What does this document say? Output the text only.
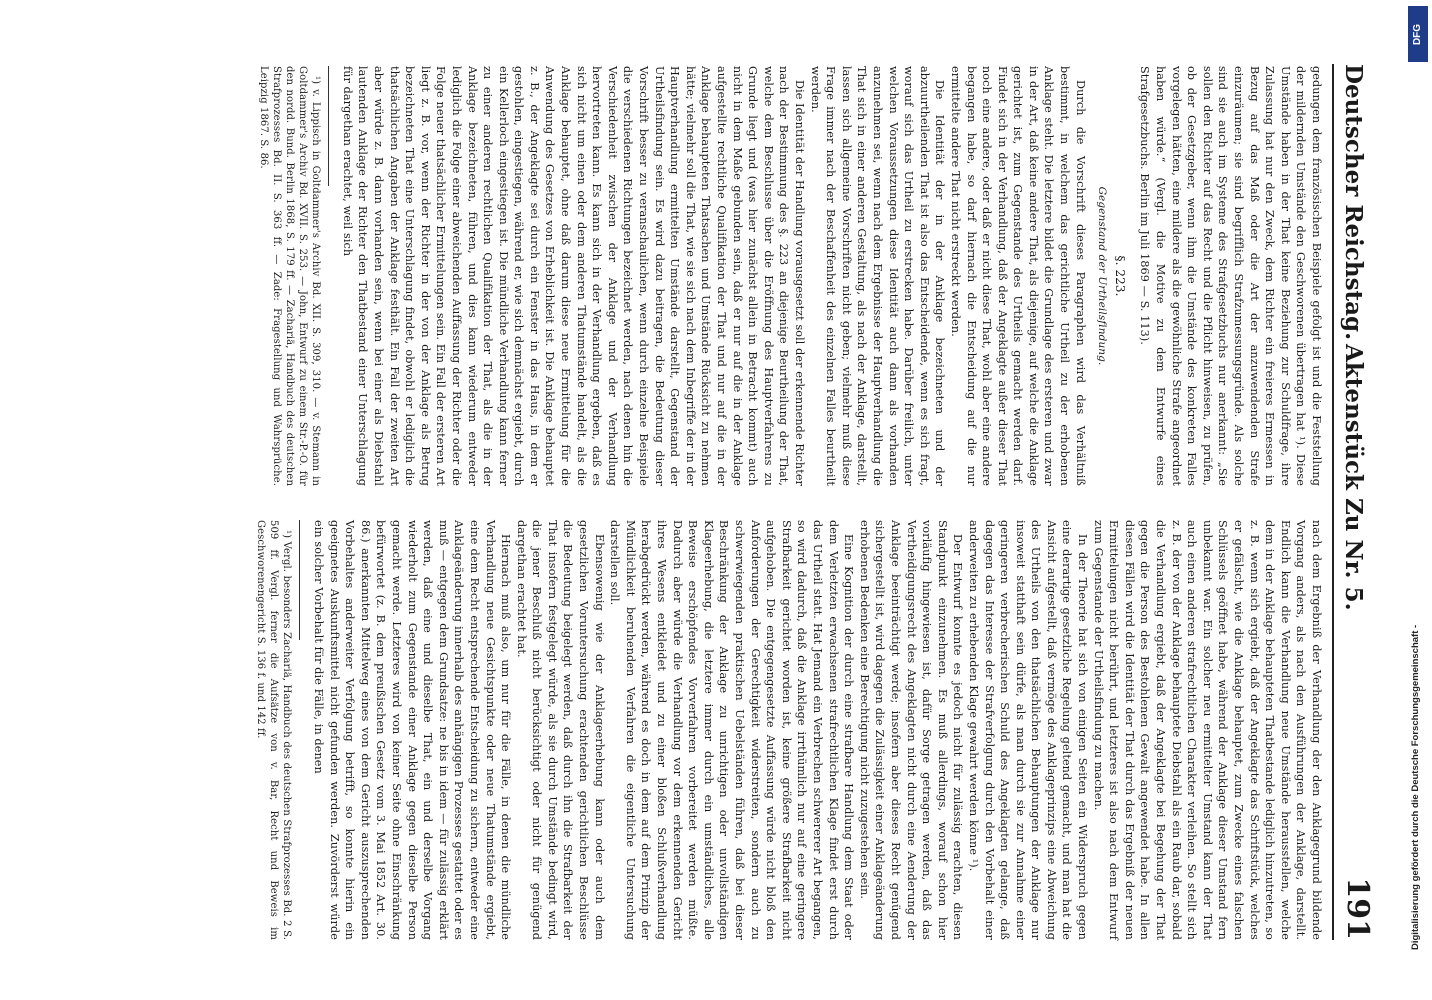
Deutscher Reichstag.
Aktenstück Zu Nr. 5.
191

gedungen dem französischen Beispiele gefolgt ist und die Feststellung der mildernden Umstände den Geschworenen übertragen hat ¹). Diese Umstände haben in der That keine Beziehung zur Schuldfrage, ihre Zulassung hat nur den Zweck, dem Richter ein freieres Ermessen in Bezug auf das Maß oder die Art der anzuwendenden Strafe einzuräumen; sie sind begrifflich Strafzumessungsgründe. Als solche sind sie auch im Systeme des Strafgesetzbuchs nur anerkannt: „Sie sollen den Richter auf das Recht und die Pflicht hinweisen, zu prüfen, ob der Gesetzgeber, wenn ihm die Umstände des konkreten Falles vorgelegen hätten, eine mildere als die gewöhnliche Strafe angeordnet haben würde.“ (Vergl. die Motive zu dem Entwurfe eines Strafgesetzbuchs. Berlin im Juli 1869 — S. 113).

§. 223.
Gegenstand der Urtheilsfindung.

Durch die Vorschrift dieses Paragraphen wird das Verhältniß bestimmt, in welchem das gerichtliche Urtheil zu der erhobenen Anklage steht. Die letztere bildet die Grundlage des ersteren und zwar in der Art, daß keine andere That, als diejenige, auf welche die Anklage gerichtet ist, zum Gegenstande des Urtheils gemacht werden darf. Findet sich in der Verhandlung, daß der Angeklagte außer dieser That noch eine andere, oder daß er nicht diese That, wohl aber eine andere begangen habe, so darf hiernach die Entscheidung auf die nur ermittelte andere That nicht erstreckt werden.

Die Identität der in der Anklage bezeichneten und der abzuurtheilenden That ist also das Entscheidende, wenn es sich fragt, worauf sich das Urtheil zu erstrecken habe. Darüber freilich, unter welchen Voraussetzungen diese Identität auch dann als vorhanden anzunehmen sei, wenn nach dem Ergebnisse der Hauptverhandlung die That sich in einer anderen Gestaltung, als nach der Anklage, darstellt, lassen sich allgemeine Vorschriften nicht geben; vielmehr muß diese Frage immer nach der Beschaffenheit des einzelnen Falles beurtheilt werden.

Die Identität der Handlung vorausgesetzt soll der erkennende Richter nach der Bestimmung des §. 223 an diejenige Beurtheilung der That, welche dem Beschlusse über die Eröffnung des Hauptverfahrens zu Grunde liegt und (was hier zunächst allein in Betracht kommt) auch nicht in dem Maße gebunden sein, daß er nur auf die in der Anklage aufgestellte rechtliche Qualifikation der That und nur auf die in der Anklage behaupteten Thatsachen und Umstände Rücksicht zu nehmen hätte; vielmehr soll die That, wie sie sich nach dem Inbegriffe der in der Hauptverhandlung ermittelten Umstände darstellt, Gegenstand der Urtheilsfindung sein. Es wird dazu beitragen, die Bedeutung dieser Vorschrift besser zu veranschaulichen, wenn durch einzelne Beispiele die verschiedenen Richtungen bezeichnet werden, nach denen hin die Verschiedenheit zwischen der Anklage und der Verhandlung hervortreten kann. Es kann sich in der Verhandlung ergeben, daß es sich nicht um einen oder dem anderen Thatumstände handelt, als die Anklage behauptet, ohne daß darum diese neue Ermittelung für die Anwendung des Gesetzes von Erheblichkeit ist. Die Anklage behauptet z. B., der Angeklagte sei durch ein Fenster in das Haus, in dem er gestohlen, eingestiegen, während er, wie sich demnächst ergiebt, durch ein Kellerloch eingestiegen ist. Die mündliche Verhandlung kann ferner zu einer anderen rechtlichen Qualifikation der That, als die in der Anklage bezeichneten, führen, und dies kann wiederum entweder lediglich die Folge einer abweichenden Auffassung der Richter oder die Folge neuer thatsächlicher Ermittelungen sein. Ein Fall der ersteren Art liegt z. B. vor, wenn der Richter in der von der Anklage als Betrug bezeichneten That eine Unterschlagung findet, obwohl er lediglich die thatsächlichen Angaben der Anklage festhält. Ein Fall der zweiten Art aber würde z. B. dann vorhanden sein, wenn bei einer als Diebstahl lautenden Anklage der Richter den Thatbestand einer Unterschlagung für dargethan erachtet, weil sich

¹) v. Lippisch in Goltdammer's Archiv Bd. XII. S. 309, 310. — v. Stemann in Goltdammer's Archiv Bd. XVII. S. 253. — John, Entwurf zu einem Str.-P.-O. für den nordd. Bund. Berlin 1868, S. 179 ff. — Zachariä, Handbuch des deutschen Strafprozesses Bd. II. S. 363 ff. — Zade: Fragestellung und Wahrsprüche. Leipzig 1867. S. 86.

nach dem Ergebniß der Verhandlung der den Anklagegrund bildende Vorgang anders, als nach den Ausführungen der Anklage, darstellt. Endlich kann die Verhandlung neue Umstände herausstellen, welche dem in der Anklage behaupteten Thatbestande lediglich hinzutreten, so z. B. wenn sich ergiebt, daß der Angeklagte das Schriftstück, welches er gefälscht, wie die Anklage behauptet, zum Zwecke eines falschen Schlüssels geöffnet habe, während der Anklage dieser Umstand fern unbekannt war. Ein solcher neu ermittelter Umstand kann der That auch einen anderen strafrechtlichen Charakter verleihen. So stellt sich z. B. der von der Anklage behauptete Diebstahl als ein Raub dar, sobald die Verhandlung ergiebt, daß der Angeklagte bei Begehung der That gegen die Person des Bestohlenen Gewalt angewendet habe. In allen diesen Fällen wird die Identität der That durch das Ergebniß der neuen Ermittelungen nicht berührt, und letzteres ist also nach dem Entwurf zum Gegenstande der Urtheilsfindung zu machen.

In der Theorie hat sich von einigen Seiten ein Widerspruch gegen eine derartige gesetzliche Regelung geltend gemacht, und man hat die Ansicht aufgestellt, daß vermöge des Anklageprinzips eine Abweichung des Urtheils von den thatsächlichen Behauptungen der Anklage nur insoweit statthaft sein dürfe, als man durch sie zur Annahme einer geringeren verbrecherischen Schuld des Angeklagten gelange, daß dagegen das Interesse der Strafverfolgung durch den Vorbehalt einer anderweiten zu erhebenden Klage gewahrt werden könne ¹).

Der Entwurf konnte es jedoch nicht für zulässig erachten, diesen Standpunkt einzunehmen. Es muß allerdings, worauf schon hier vorläufig hingewiesen ist, dafür Sorge getragen werden, daß das Vertheidigungsrecht des Angeklagten nicht durch eine Aenderung der Anklage beeinträchtigt werde; insofern aber dieses Recht genügend sichergestellt ist, wird dagegen die Zulässigkeit einer Anklageänderung erhobenen Bedenken eine Berechtigung nicht zuzugestehen sein.

Eine Kognition der durch eine strafbare Handlung dem Staat oder dem Verletzten erwachsenen strafrechtlichen Klage findet erst durch das Urtheil statt. Hat Jemand ein Verbrechen schwererer Art begangen, so wird dadurch, daß die Anklage irrthümlich nur auf eine geringere Strafbarkeit gerichtet worden ist, keine größere Strafbarkeit nicht aufgehoben. Die entgegengesetzte Auffassung würde nicht bloß den Anforderungen der Gerechtigkeit widerstreiten, sondern auch zu schwerwiegenden praktischen Uebelständen führen, daß bei dieser Beschränkung der Anklage zu unrichtigen oder unvollständigen Klageerhebung, die letztere immer durch ein umständliches, alle Beweise erschöpfendes Vorverfahren vorbereitet werden müßte. Dadurch aber würde die Verhandlung vor dem erkennenden Gericht ihres Wesens entkleidet und zu einer bloßen Schlußverhandlung herabgedrückt werden, während es doch in dem auf dem Prinzip der Mündlichkeit beruhenden Verfahren die eigentliche Untersuchung darstellen soll.

Ebensowenig wie der Anklageerhebung kann oder auch dem gesetzlichen Voruntersuchung erachtenden gerichtlichen Beschlüsse die Bedeutung beigelegt werden, daß durch ihn die Strafbarkeit der That insofern festgelegt würde, als sie durch Umstände bedingt wird, die jener Beschluß nicht berücksichtigt oder nicht für genügend dargethan erachtet hat.

Hiernach muß also, um nur für die Fälle, in denen die mündliche Verhandlung neue Gesichtspunkte oder neue Thatumstände ergiebt, eine dem Recht entsprechende Entscheidung zu sichern, entweder eine Anklageänderung innerhalb des anhängigen Prozesses gestattet oder es muß — entgegen dem Grundsatze: ne bis in idem — für zulässig erklärt werden, daß eine und dieselbe That, ein und derselbe Vorgang wiederholt zum Gegenstande einer Anklage gegen dieselbe Person gemacht werde. Letzteres wird von keiner Seite ohne Einschränkung befürwortet (z. B. dem preußischen Gesetz vom 3. Mai 1852 Art. 30. 86.) anerkannten Mittelweg eines von dem Gericht auszusprechenden Vorbehaltes anderweiter Verfolgung betrifft, so konnte hierin ein geeignetes Auskunftsmittel nicht gefunden werden. Zuvörderst würde ein solcher Vorbehalt für die Fälle, in denen

¹) Vergl. besonders Zachariä, Handbuch des deutschen Strafprozesses Bd. 2 S. 509 ff. Vergl. ferner die Aufsätze von v. Bar, Recht und Beweis im Geschworenengericht S. 136 f. und 142 ff.

DFG
Digitalisierung gefördert durch die Deutsche Forschungsgemeinschaft -
